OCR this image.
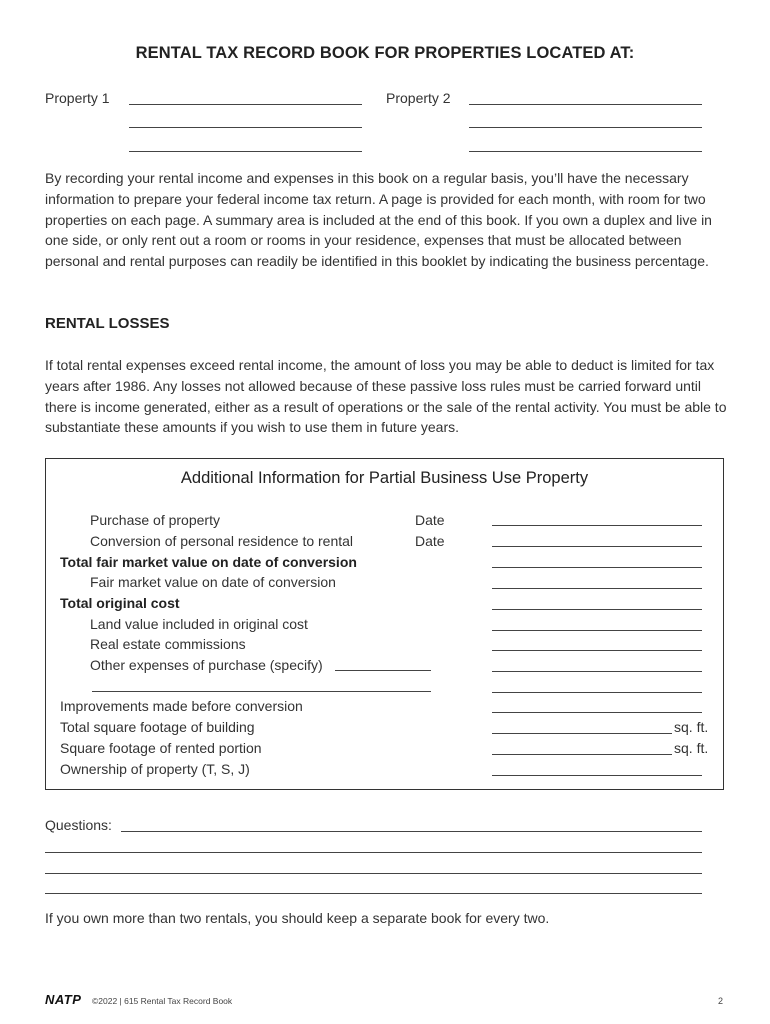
RENTAL TAX RECORD BOOK FOR PROPERTIES LOCATED AT:
Property 1	Property 2
By recording your rental income and expenses in this book on a regular basis, you’ll have the necessary information to prepare your federal income tax return. A page is provided for each month, with room for two properties on each page. A summary area is included at the end of this book. If you own a duplex and live in one side, or only rent out a room or rooms in your residence, expenses that must be allocated between personal and rental purposes can readily be identified in this booklet by indicating the business percentage.
RENTAL LOSSES
If total rental expenses exceed rental income, the amount of loss you may be able to deduct is limited for tax years after 1986. Any losses not allowed because of these passive loss rules must be carried forward until there is income generated, either as a result of operations or the sale of the rental activity. You must be able to substantiate these amounts if you wish to use them in future years.
Additional Information for Partial Business Use Property
Purchase of property	Date
Conversion of personal residence to rental	Date
Total fair market value on date of conversion
Fair market value on date of conversion
Total original cost
Land value included in original cost
Real estate commissions
Other expenses of purchase (specify)
Improvements made before conversion
Total square footage of building	sq. ft.
Square footage of rented portion	sq. ft.
Ownership of property (T, S, J)
Questions:
If you own more than two rentals, you should keep a separate book for every two.
NATP ©2022 | 615 Rental Tax Record Book	2
